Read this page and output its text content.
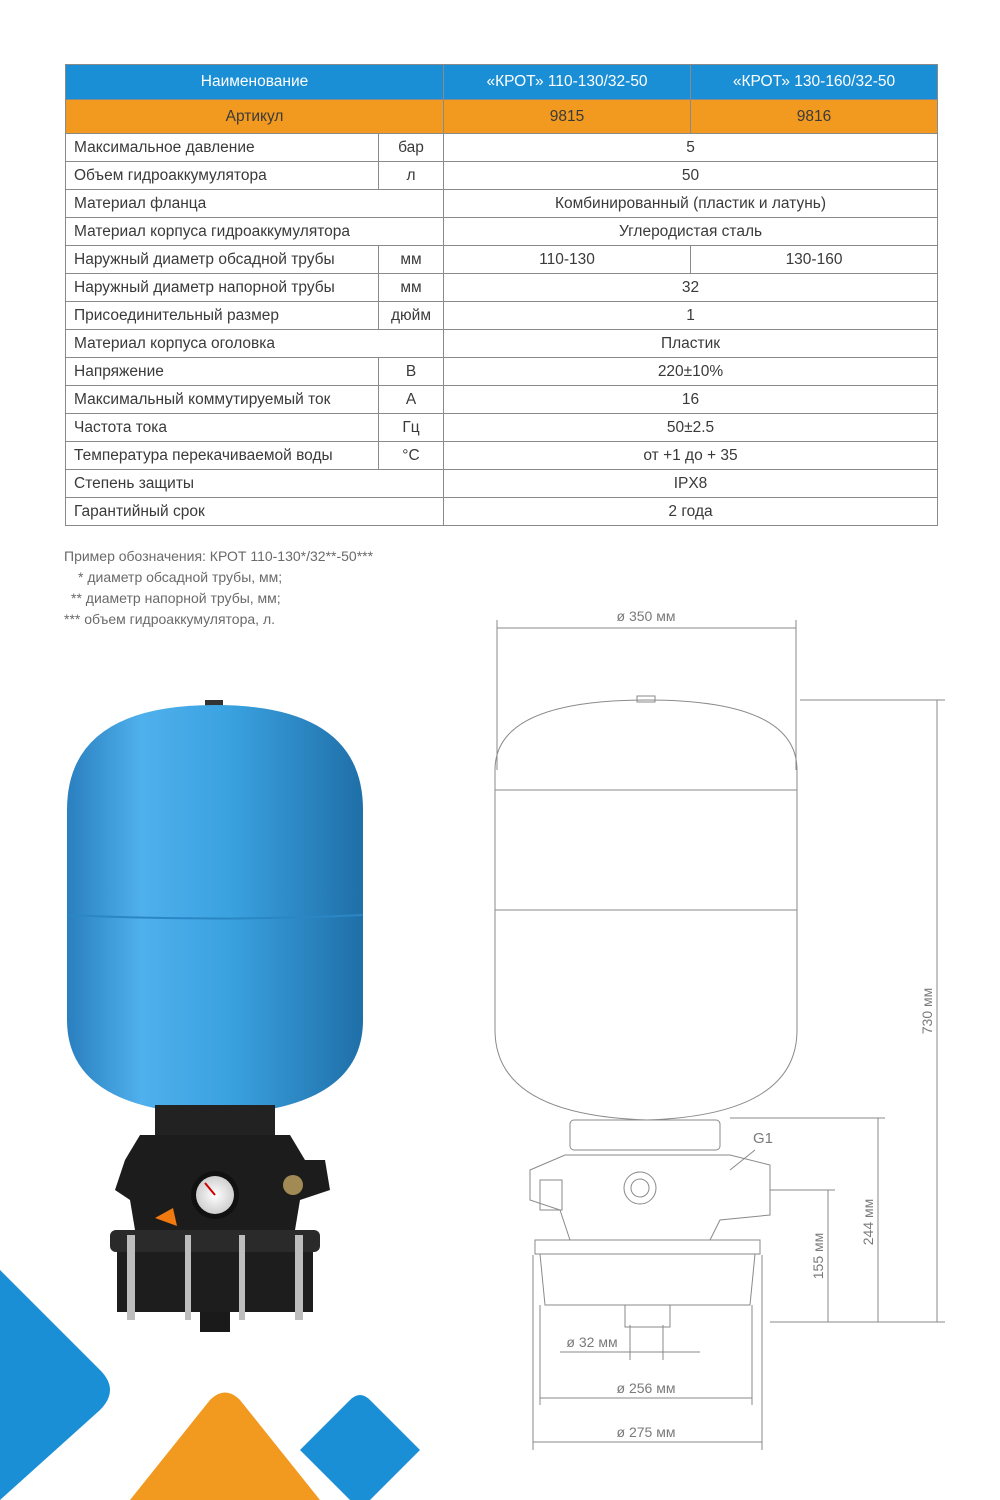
Наименование		«КРОТ» 110-130/32-50	«КРОТ» 130-160/32-50
Артикул		9815	9816
Максимальное давление	бар	5	
Объем гидроаккумулятора	л	50	
Материал фланца		Комбинированный (пластик и латунь)	
Материал корпуса гидроаккумулятора		Углеродистая сталь	
Наружный диаметр обсадной трубы	мм	110-130	130-160
Наружный диаметр напорной трубы	мм	32	
Присоединительный размер	дюйм	1	
Материал корпуса оголовка		Пластик	
Напряжение	В	220±10%	
Максимальный коммутируемый ток	А	16	
Частота тока	Гц	50±2.5	
Температура перекачиваемой воды	°С	от +1 до + 35	
Степень защиты		IPX8	
Гарантийный срок		2 года	
Пример обозначения: КРОТ 110-130*/32**-50***
* диаметр обсадной трубы, мм;
** диаметр напорной трубы, мм;
*** объем гидроаккумулятора, л.	ø 350 мм
730 мм
G1
244 мм
155 мм
ø 32 мм
ø 256 мм
ø 275 мм
